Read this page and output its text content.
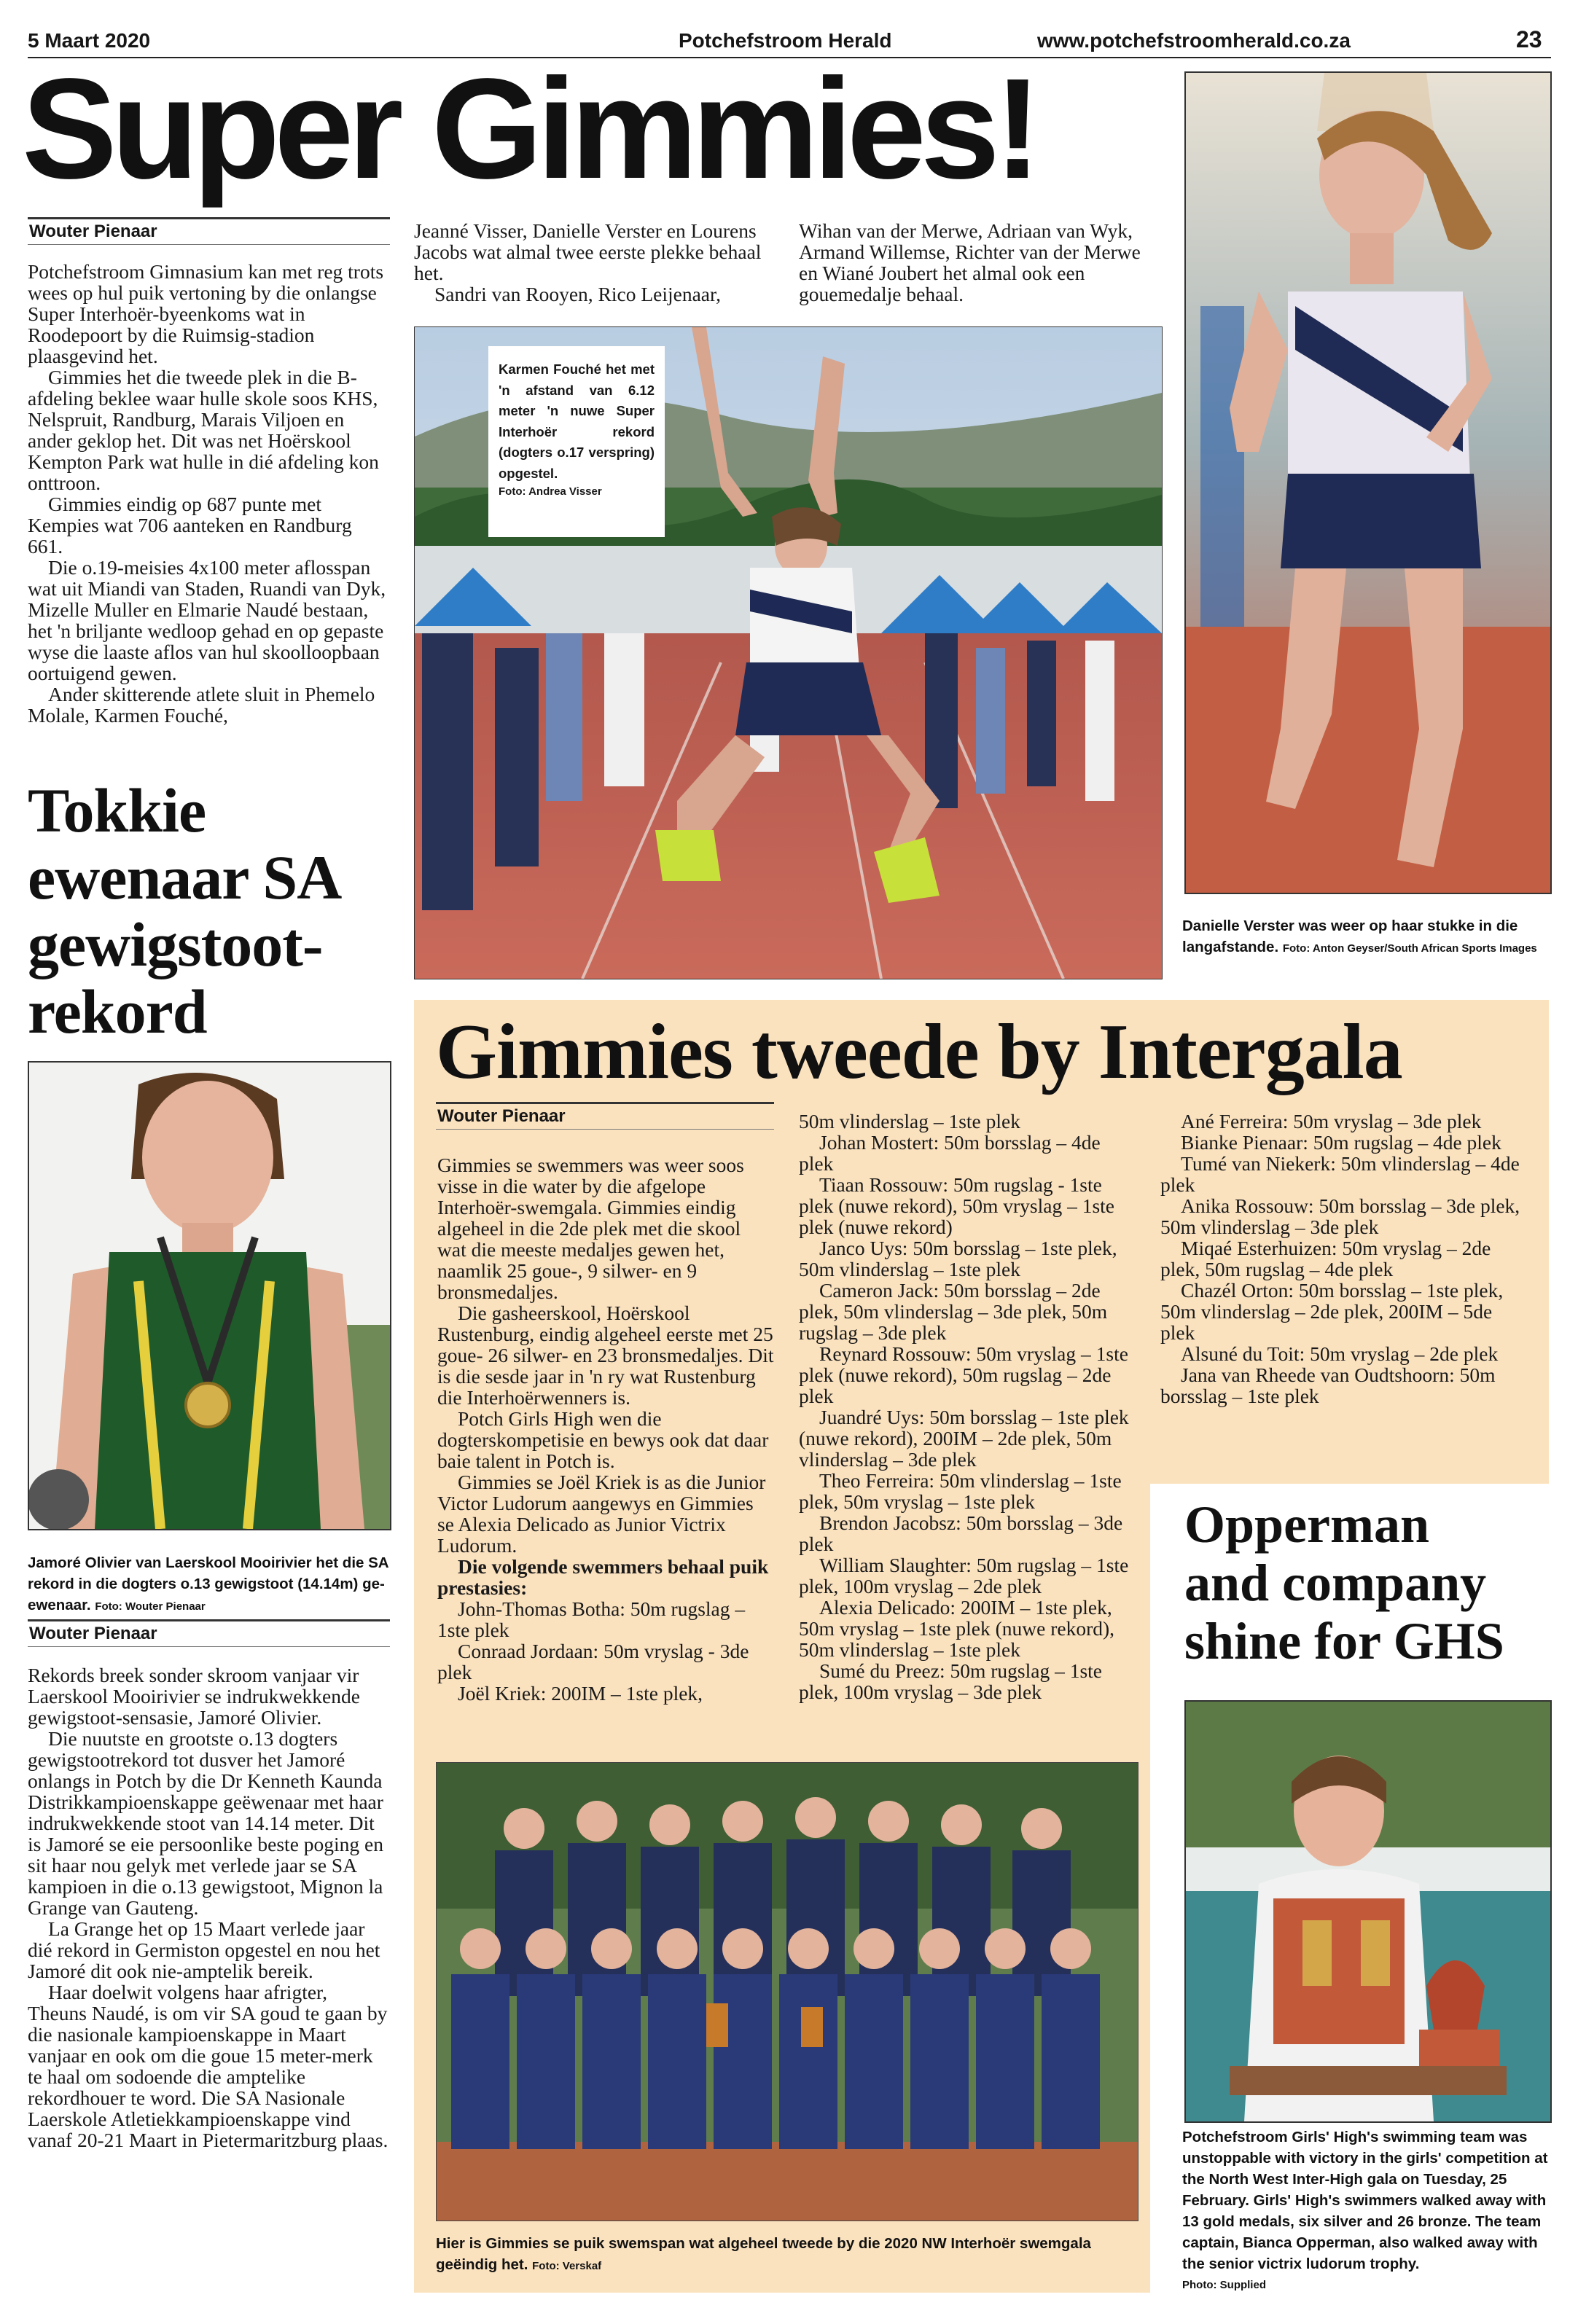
5 Maart 2020	Potchefstroom Herald	www.potchefstroomherald.co.za	23
Super Gimmies!
Wouter Pienaar

Potchefstroom Gimnasium kan met reg trots wees op hul puik vertoning by die onlangse Super Interhoër-byeenkoms wat in Roodepoort by die Ruimsig-stadion plaasgevind het.

Gimmies het die tweede plek in die B-afdeling beklee waar hulle skole soos KHS, Nelspruit, Randburg, Marais Viljoen en ander geklop het. Dit was net Hoërskool Kempton Park wat hulle in dié afdeling kon onttroon.

Gimmies eindig op 687 punte met Kempies wat 706 aanteken en Randburg 661.

Die o.19-meisies 4x100 meter aflosspan wat uit Miandi van Staden, Ruandi van Dyk, Mizelle Muller en Elmarie Naudé bestaan, het 'n briljante wedloop gehad en op gepaste wyse die laaste aflos van hul skoolloopbaan oortuigend gewen.

Ander skitterende atlete sluit in Phemelo Molale, Karmen Fouché,

Jeanné Visser, Danielle Verster en Lourens Jacobs wat almal twee eerste plekke behaal het.

Sandri van Rooyen, Rico Leijenaar,

Wihan van der Merwe, Adriaan van Wyk, Armand Willemse, Richter van der Merwe en Wiané Joubert het almal ook een gouemedalje behaal.

Karmen Fouché het met 'n afstand van 6.12 meter 'n nuwe Super Interhoër rekord (dogters o.17 verspring) opgestel.
Foto: Andrea Visser
Danielle Verster was weer op haar stukke in die langafstande. Foto: Anton Geyser/South African Sports Images
Tokkie
ewenaar SA
gewigstoot-
rekord
Jamoré Olivier van Laerskool Mooirivier het die SA rekord in die dogters o.13 gewigstoot (14.14m) ge- ewenaar. Foto: Wouter Pienaar
Wouter Pienaar

Rekords breek sonder skroom vanjaar vir Laerskool Mooirivier se indrukwekkende gewigstoot-sensasie, Jamoré Olivier.

Die nuutste en grootste o.13 dogters gewigstootrekord tot dusver het Jamoré onlangs in Potch by die Dr Kenneth Kaunda Distrikkampioenskappe geëwenaar met haar indrukwekkende stoot van 14.14 meter. Dit is Jamoré se eie persoonlike beste poging en sit haar nou gelyk met verlede jaar se SA kampioen in die o.13 gewigstoot, Mignon la Grange van Gauteng.

La Grange het op 15 Maart verlede jaar dié rekord in Germiston opgestel en nou het Jamoré dit ook nie-amptelik bereik.

Haar doelwit volgens haar afrigter, Theuns Naudé, is om vir SA goud te gaan by die nasionale kampioenskappe in Maart vanjaar en ook om die goue 15 meter-merk te haal om sodoende die amptelike rekordhouer te word. Die SA Nasionale Laerskole Atletiekkampioenskappe vind vanaf 20-21 Maart in Pietermaritzburg plaas.

Gimmies tweede by Intergala
Wouter Pienaar

Gimmies se swemmers was weer soos visse in die water by die afgelope Interhoër-swemgala. Gimmies eindig algeheel in die 2de plek met die skool wat die meeste medaljes gewen het, naamlik 25 goue-, 9 silwer- en 9 bronsmedaljes.

Die gasheerskool, Hoërskool Rustenburg, eindig algeheel eerste met 25 goue- 26 silwer- en 23 bronsmedaljes. Dit is die sesde jaar in 'n ry wat Rustenburg die Interhoërwenners is.

Potch Girls High wen die dogterskompetisie en bewys ook dat daar baie talent in Potch is.

Gimmies se Joël Kriek is as die Junior Victor Ludorum aangewys en Gimmies se Alexia Delicado as Junior Victrix Ludorum.

Die volgende swemmers behaal puik prestasies:

John-Thomas Botha: 50m rugslag –1ste plek

Conraad Jordaan: 50m vryslag - 3de plek

Joël Kriek: 200IM – 1ste plek,

50m vlinderslag – 1ste plek

Johan Mostert: 50m borsslag – 4de plek

Tiaan Rossouw: 50m rugslag - 1ste plek (nuwe rekord), 50m vryslag – 1ste plek (nuwe rekord)

Janco Uys: 50m borsslag – 1ste plek, 50m vlinderslag – 1ste plek

Cameron Jack: 50m borsslag – 2de plek, 50m vlinderslag – 3de plek, 50m rugslag – 3de plek

Reynard Rossouw: 50m vryslag – 1ste plek (nuwe rekord), 50m rugslag – 2de plek

Juandré Uys: 50m borsslag – 1ste plek (nuwe rekord), 200IM – 2de plek, 50m vlinderslag – 3de plek

Theo Ferreira: 50m vlinderslag – 1ste plek, 50m vryslag – 1ste plek

Brendon Jacobsz: 50m borsslag – 3de plek

William Slaughter: 50m rugslag – 1ste plek, 100m vryslag – 2de plek

Alexia Delicado: 200IM – 1ste plek, 50m vryslag – 1ste plek (nuwe rekord), 50m vlinderslag – 1ste plek

Sumé du Preez: 50m rugslag – 1ste plek, 100m vryslag – 3de plek

Ané Ferreira: 50m vryslag – 3de plek

Bianke Pienaar: 50m rugslag – 4de plek

Tumé van Niekerk: 50m vlinderslag – 4de plek

Anika Rossouw: 50m borsslag – 3de plek, 50m vlinderslag – 3de plek

Miqaé Esterhuizen: 50m vryslag – 2de plek, 50m rugslag – 4de plek

Chazél Orton: 50m borsslag – 1ste plek, 50m vlinderslag – 2de plek, 200IM – 5de plek

Alsuné du Toit: 50m vryslag – 2de plek

Jana van Rheede van Oudtshoorn: 50m borsslag – 1ste plek

Hier is Gimmies se puik swemspan wat algeheel tweede by die 2020 NW Interhoër swemgala geëindig het. Foto: Verskaf
Opperman
and company
shine for GHS
Potchefstroom Girls' High's swimming team was unstoppable with victory in the girls' competition at the North West Inter-High gala on Tuesday, 25 February. Girls' High's swimmers walked away with 13 gold medals, six silver and 26 bronze. The team captain, Bianca Opperman, also walked away with the senior victrix ludorum trophy.
Photo: Supplied
